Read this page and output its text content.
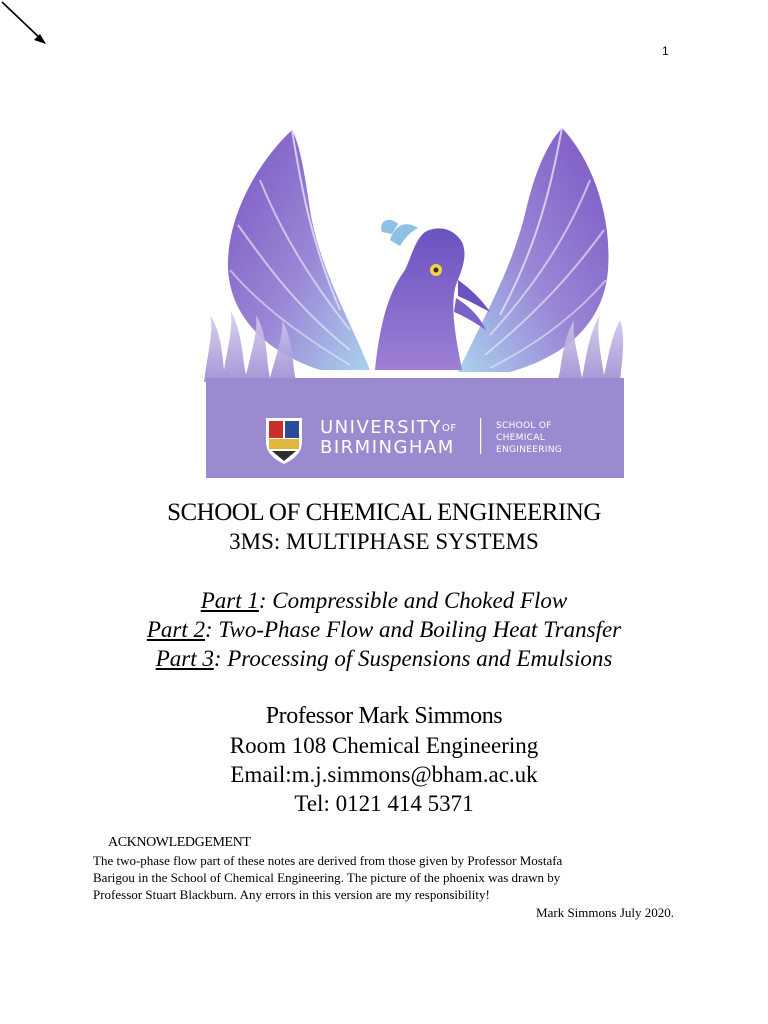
1
UNIVERSITY OF
BIRMINGHAM
SCHOOL OF
CHEMICAL
ENGINEERING
SCHOOL OF CHEMICAL ENGINEERING
3MS: MULTIPHASE SYSTEMS
Part 1: Compressible and Choked Flow
Part 2: Two-Phase Flow and Boiling Heat Transfer
Part 3: Processing of Suspensions and Emulsions
Professor Mark Simmons
Room 108 Chemical Engineering
Email:m.j.simmons@bham.ac.uk
Tel: 0121 414 5371
ACKNOWLEDGEMENT
The two-phase flow part of these notes are derived from those given by Professor Mostafa
Barigou in the School of Chemical Engineering. The picture of the phoenix was drawn by
Professor Stuart Blackburn. Any errors in this version are my responsibility!
Mark Simmons July 2020.
